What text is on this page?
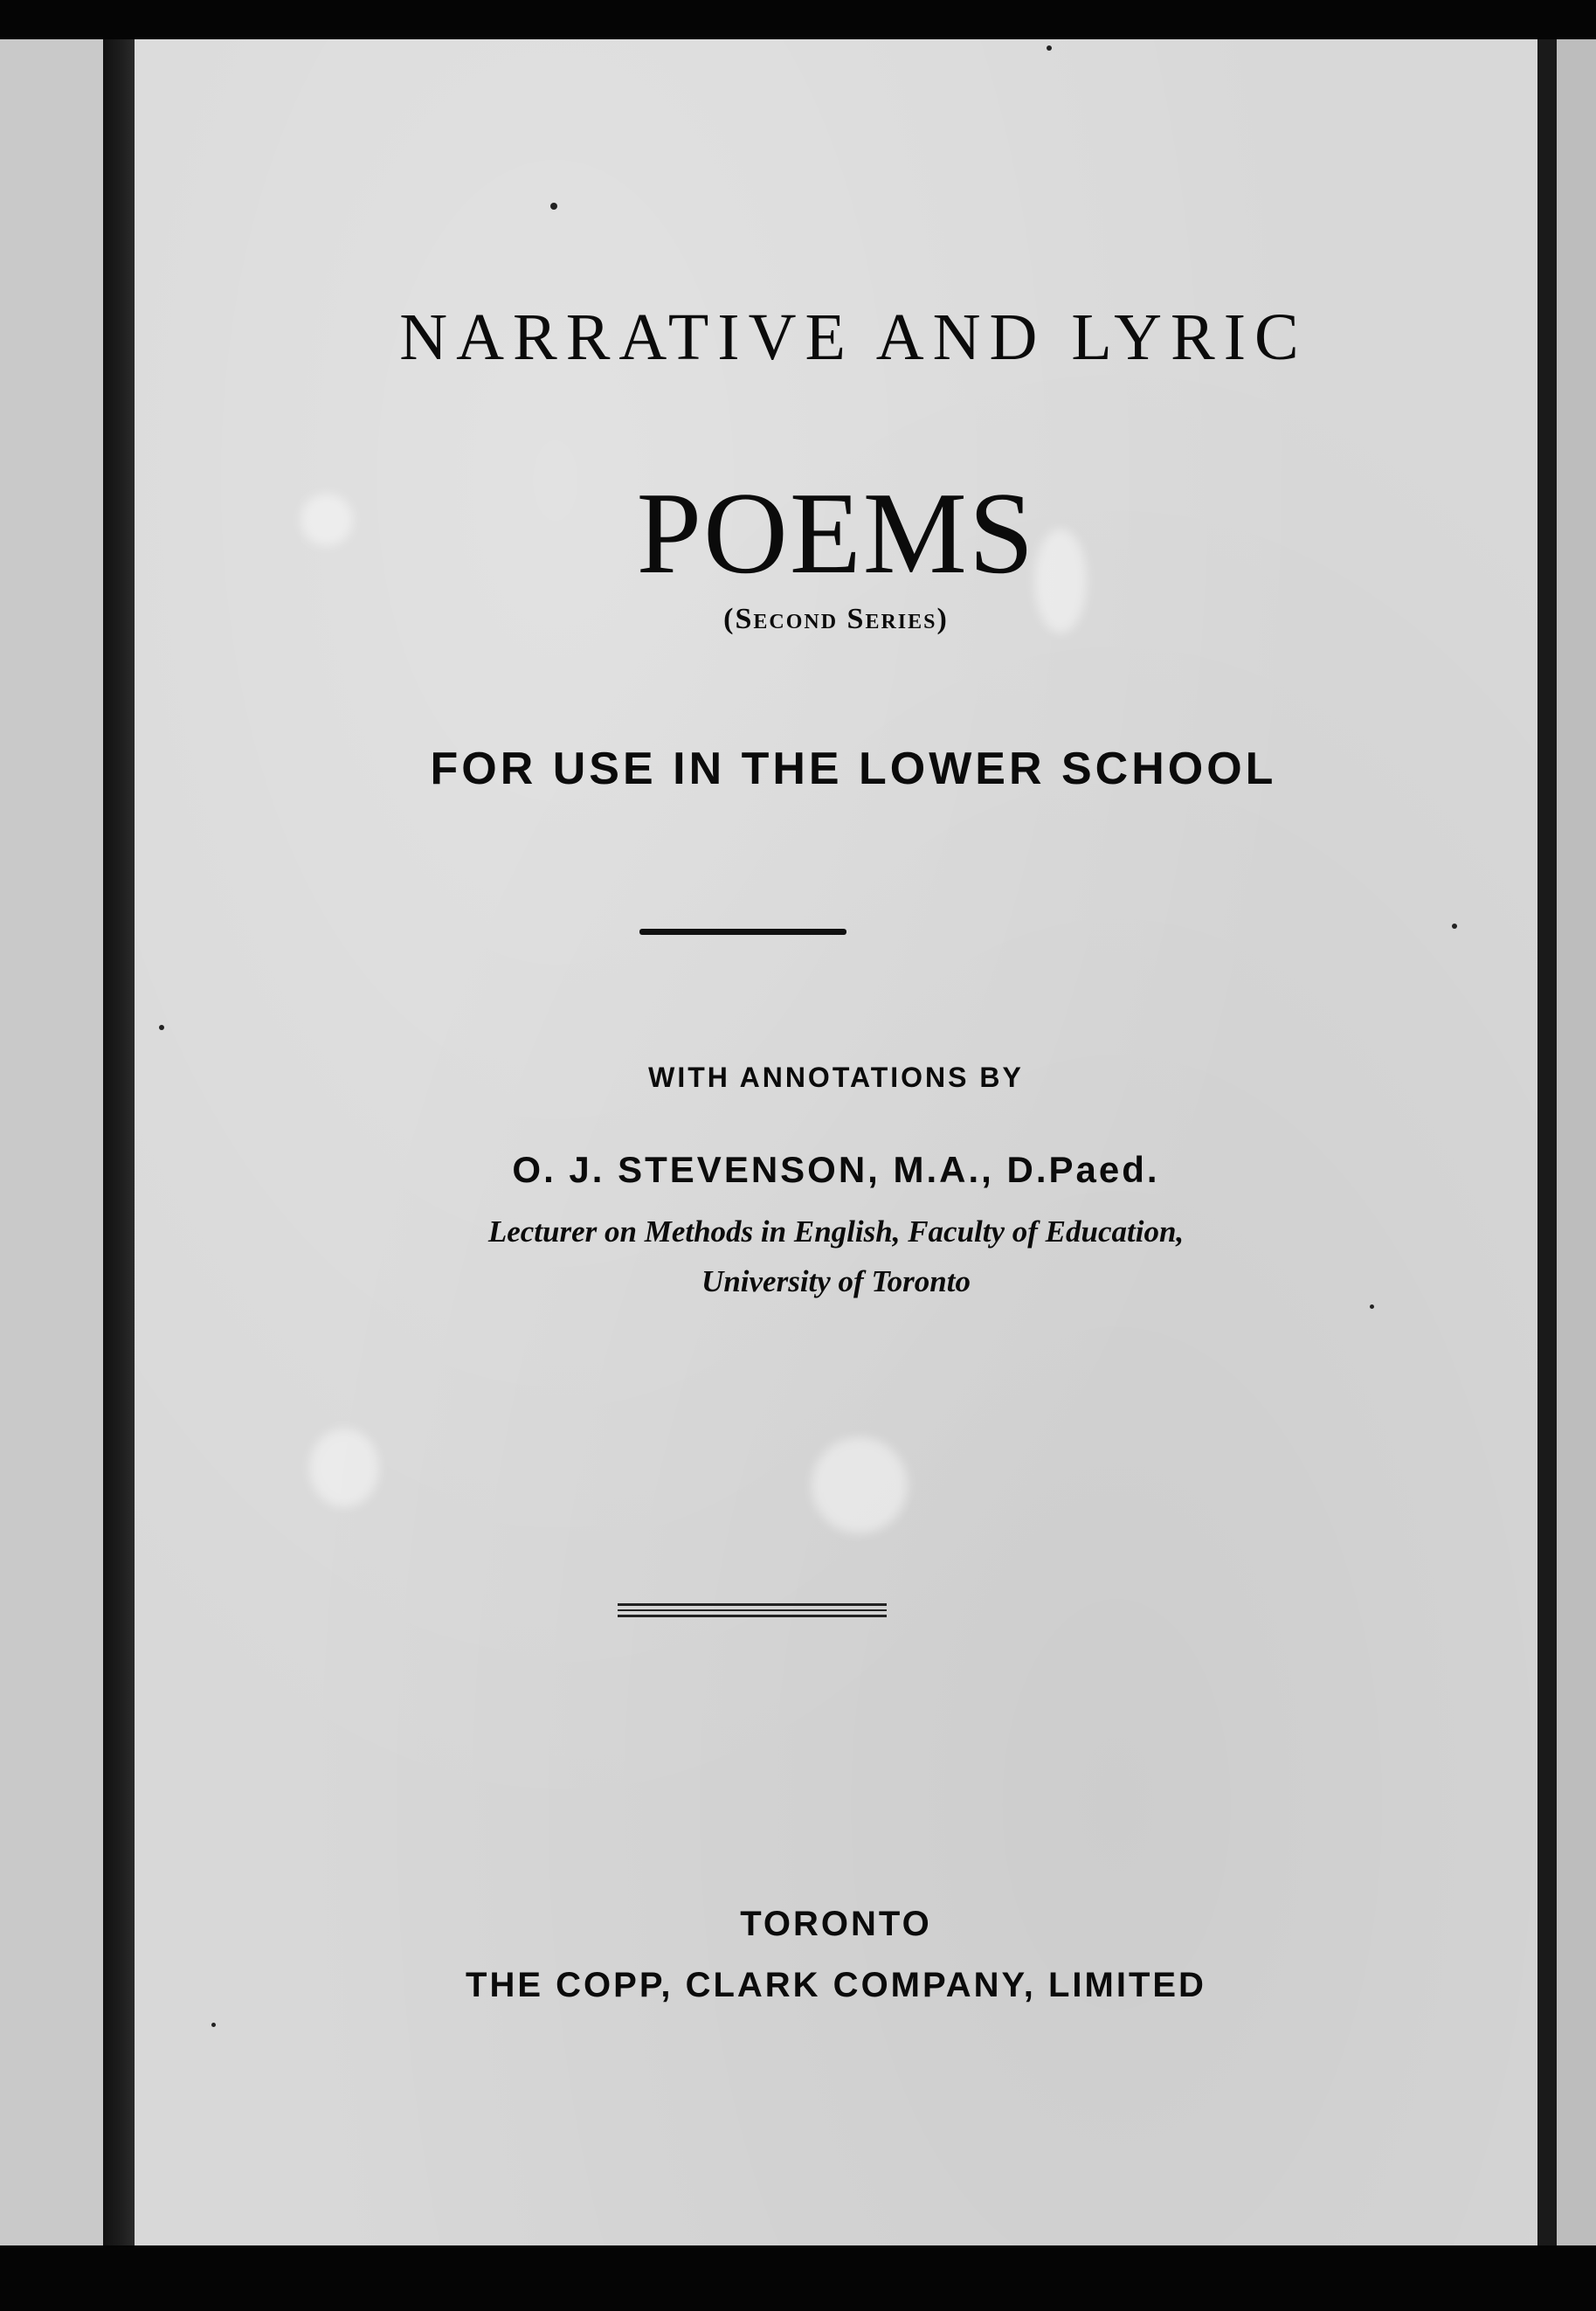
NARRATIVE AND LYRIC
POEMS

(Second Series)

FOR USE IN THE LOWER SCHOOL

WITH ANNOTATIONS BY

O. J. STEVENSON, M.A., D.Paed.

Lecturer on Methods in English, Faculty of Education,

University of Toronto

TORONTO

THE COPP, CLARK COMPANY, LIMITED
